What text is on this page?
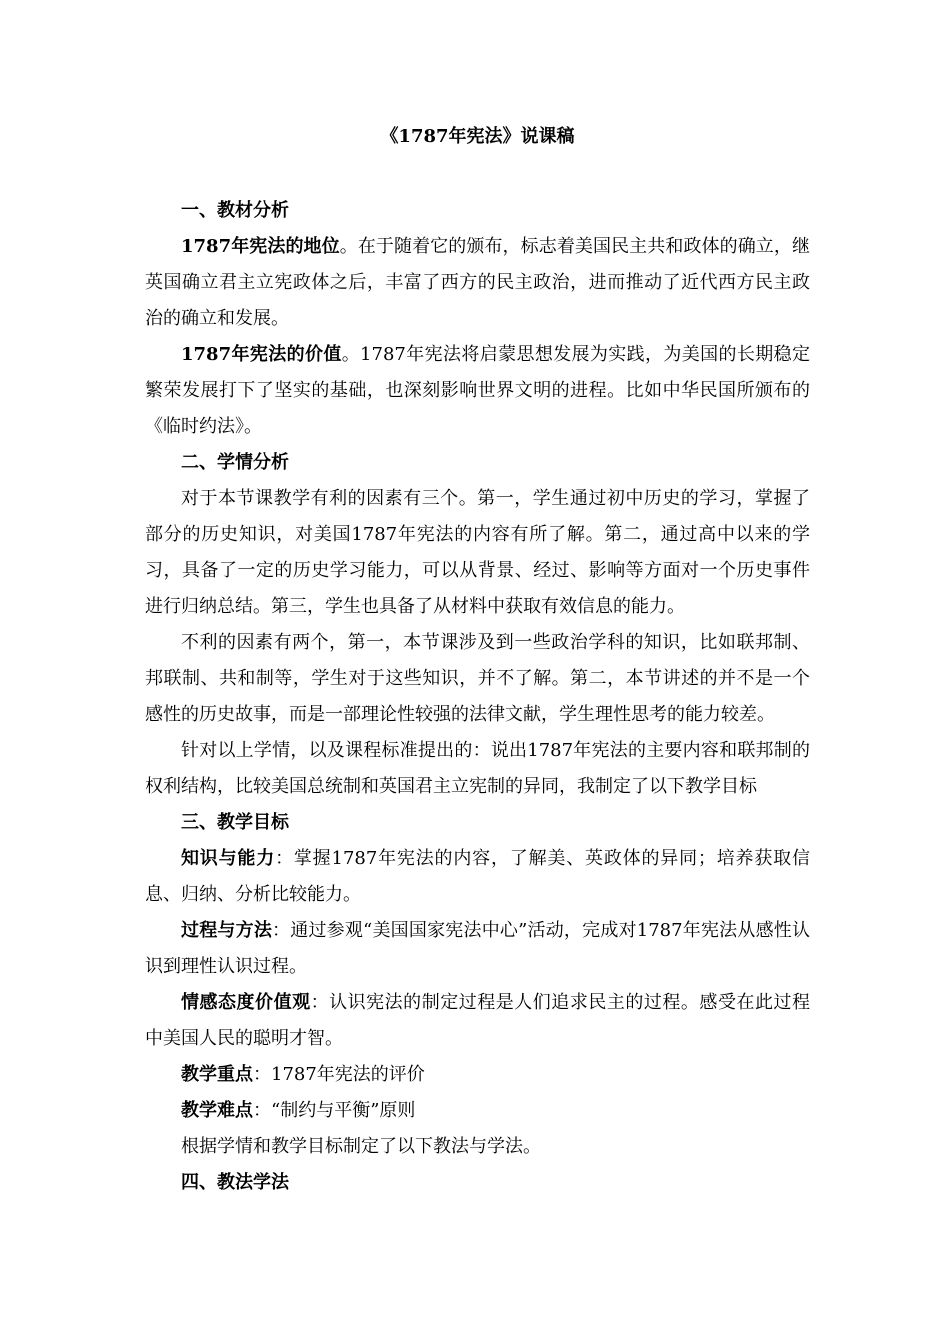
《1787年宪法》说课稿

一、教材分析

1787年宪法的地位。在于随着它的颁布，标志着美国民主共和政体的确立，继英国确立君主立宪政体之后，丰富了西方的民主政治，进而推动了近代西方民主政治的确立和发展。

1787年宪法的价值。1787年宪法将启蒙思想发展为实践，为美国的长期稳定繁荣发展打下了坚实的基础，也深刻影响世界文明的进程。比如中华民国所颁布的《临时约法》。

二、学情分析

对于本节课教学有利的因素有三个。第一，学生通过初中历史的学习，掌握了部分的历史知识，对美国1787年宪法的内容有所了解。第二，通过高中以来的学习，具备了一定的历史学习能力，可以从背景、经过、影响等方面对一个历史事件进行归纳总结。第三，学生也具备了从材料中获取有效信息的能力。

不利的因素有两个，第一，本节课涉及到一些政治学科的知识，比如联邦制、邦联制、共和制等，学生对于这些知识，并不了解。第二，本节讲述的并不是一个感性的历史故事，而是一部理论性较强的法律文献，学生理性思考的能力较差。

针对以上学情，以及课程标准提出的：说出1787年宪法的主要内容和联邦制的权利结构，比较美国总统制和英国君主立宪制的异同，我制定了以下教学目标

三、教学目标

知识与能力：掌握1787年宪法的内容，了解美、英政体的异同；培养获取信息、归纳、分析比较能力。

过程与方法：通过参观“美国国家宪法中心”活动，完成对1787年宪法从感性认识到理性认识过程。

情感态度价值观：认识宪法的制定过程是人们追求民主的过程。感受在此过程中美国人民的聪明才智。

教学重点：1787年宪法的评价

教学难点：“制约与平衡”原则

根据学情和教学目标制定了以下教法与学法。

四、教法学法
